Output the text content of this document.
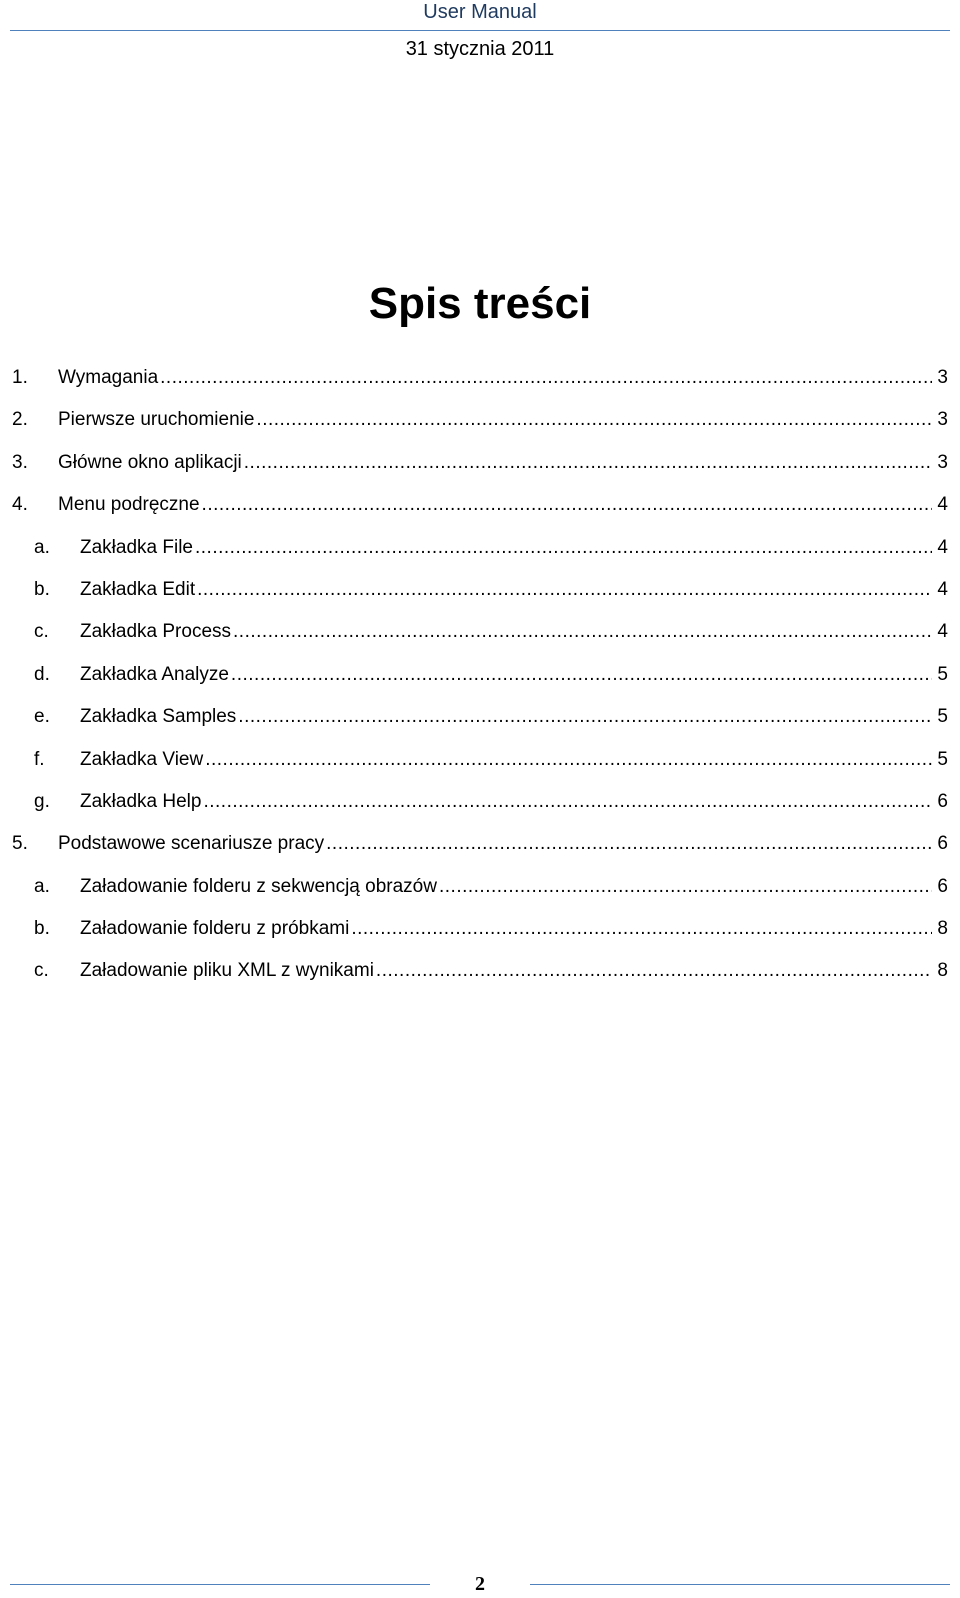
User Manual
31 stycznia 2011
Spis treści
1.	Wymagania .....	3
2.	Pierwsze uruchomienie .....	3
3.	Główne okno aplikacji .....	3
4.	Menu podręczne .....	4
a.	Zakładka File .....	4
b.	Zakładka Edit .....	4
c.	Zakładka Process .....	4
d.	Zakładka Analyze .....	5
e.	Zakładka Samples .....	5
f.	Zakładka View .....	5
g.	Zakładka Help .....	6
5.	Podstawowe scenariusze pracy .....	6
a.	Załadowanie folderu z sekwencją obrazów .....	6
b.	Załadowanie folderu z próbkami .....	8
c.	Załadowanie pliku XML z wynikami .....	8
2
